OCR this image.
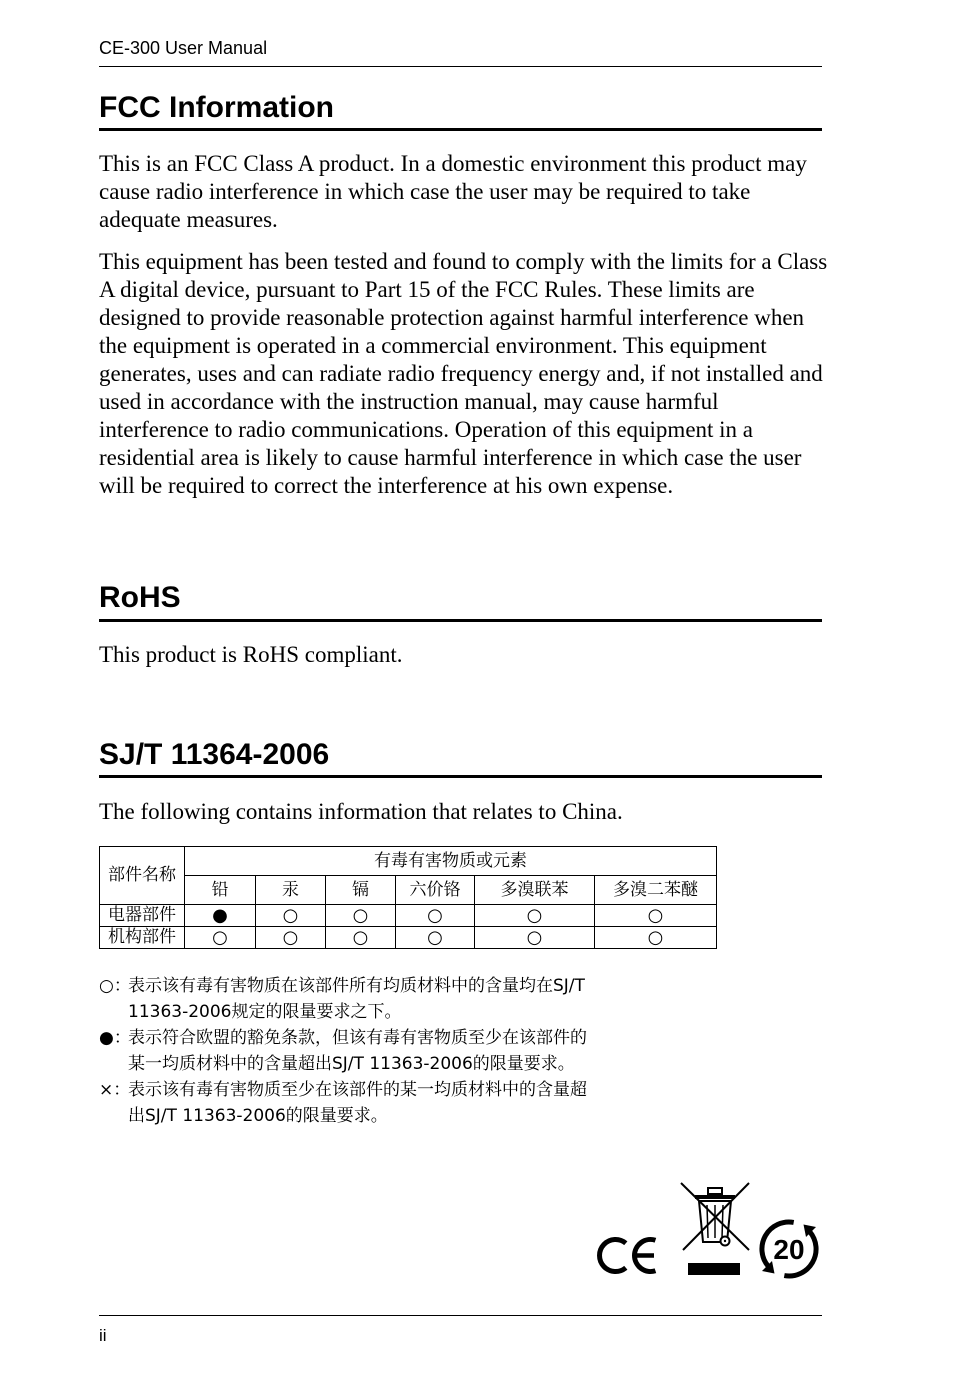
CE-300 User Manual
FCC Information
This is an FCC Class A product. In a domestic environment this product may
cause radio interference in which case the user may be required to take
adequate measures.
This equipment has been tested and found to comply with the limits for a Class
A digital device, pursuant to Part 15 of the FCC Rules. These limits are
designed to provide reasonable protection against harmful interference when
the equipment is operated in a commercial environment. This equipment
generates, uses and can radiate radio frequency energy and, if not installed and
used in accordance with the instruction manual, may cause harmful
interference to radio communications. Operation of this equipment in a
residential area is likely to cause harmful interference in which case the user
will be required to correct the interference at his own expense.
RoHS
This product is RoHS compliant.
SJ/T 11364-2006
The following contains information that relates to China.
部件名称	有毒有害物质或元素					
	铅	汞	镉	六价铬	多溴联苯	多溴二苯醚
电器部件	●	○	○	○	○	○
机构部件	○	○	○	○	○	○
○：
表示该有毒有害物质在该部件所有均质材料中的含量均在SJ/T
11363-2006规定的限量要求之下。
●：
表示符合欧盟的豁免条款，但该有毒有害物质至少在该部件的
某一均质材料中的含量超出SJ/T 11363-2006的限量要求。
×：
表示该有毒有害物质至少在该部件的某一均质材料中的含量超
出SJ/T 11363-2006的限量要求。
20
ii
